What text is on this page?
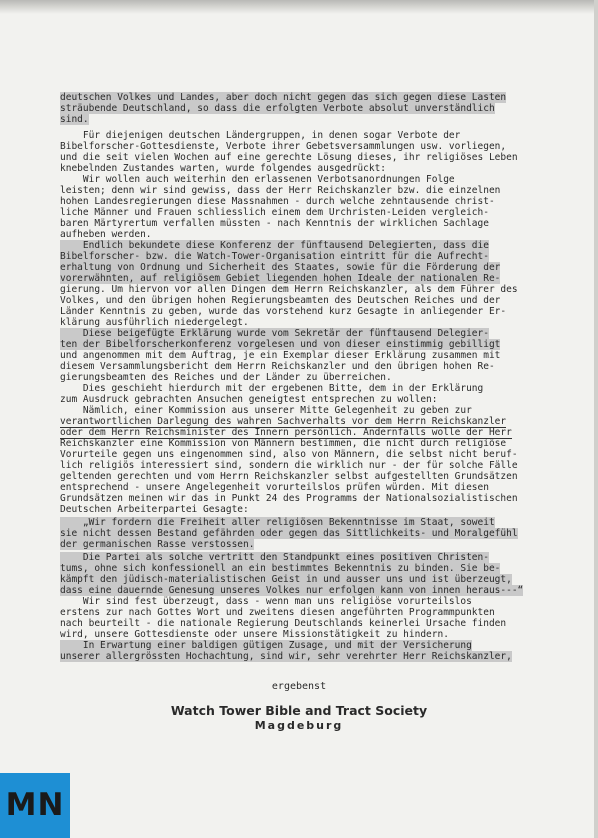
deutschen Volkes und Landes, aber doch nicht gegen das sich gegen diese Lasten
sträubende Deutschland, so dass die erfolgten Verbote absolut unverständlich
sind.
Für diejenigen deutschen Ländergruppen, in denen sogar Verbote der
Bibelforscher-Gottesdienste, Verbote ihrer Gebetsversammlungen usw. vorliegen,
und die seit vielen Wochen auf eine gerechte Lösung dieses, ihr religiöses Leben
knebelnden Zustandes warten, wurde folgendes ausgedrückt:
Wir wollen auch weiterhin den erlassenen Verbotsanordnungen Folge
leisten; denn wir sind gewiss, dass der Herr Reichskanzler bzw. die einzelnen
hohen Landesregierungen diese Massnahmen - durch welche zehntausende christ-
liche Männer und Frauen schliesslich einem dem Urchristen-Leiden vergleich-
baren Märtyrertum verfallen müssten - nach Kenntnis der wirklichen Sachlage
aufheben werden.
Endlich bekundete diese Konferenz der fünftausend Delegierten, dass die
Bibelforscher- bzw. die Watch-Tower-Organisation eintritt für die Aufrecht-
erhaltung von Ordnung und Sicherheit des Staates, sowie für die Förderung der
vorerwähnten, auf religiösem Gebiet liegenden hohen Ideale der nationalen Re-
gierung. Um hiervon vor allen Dingen dem Herrn Reichskanzler, als dem Führer des
Volkes, und den übrigen hohen Regierungsbeamten des Deutschen Reiches und der
Länder Kenntnis zu geben, wurde das vorstehend kurz Gesagte in anliegender Er-
klärung ausführlich niedergelegt.
Diese beigefügte Erklärung wurde vom Sekretär der fünftausend Delegier-
ten der Bibelforscherkonferenz vorgelesen und von dieser einstimmig gebilligt
und angenommen mit dem Auftrag, je ein Exemplar dieser Erklärung zusammen mit
diesem Versammlungsbericht dem Herrn Reichskanzler und den übrigen hohen Re-
gierungsbeamten des Reiches und der Länder zu überreichen.
Dies geschieht hierdurch mit der ergebenen Bitte, dem in der Erklärung
zum Ausdruck gebrachten Ansuchen geneigtest entsprechen zu wollen:
Nämlich, einer Kommission aus unserer Mitte Gelegenheit zu geben zur
verantwortlichen Darlegung des wahren Sachverhalts vor dem Herrn Reichskanzler
oder dem Herrn Reichsminister des Innern persönlich. Andernfalls wolle der Herr
Reichskanzler eine Kommission von Männern bestimmen, die nicht durch religiöse
Vorurteile gegen uns eingenommen sind, also von Männern, die selbst nicht beruf-
lich religiös interessiert sind, sondern die wirklich nur - der für solche Fälle
geltenden gerechten und vom Herrn Reichskanzler selbst aufgestellten Grundsätzen
entsprechend - unsere Angelegenheit vorurteilslos prüfen würden. Mit diesen
Grundsätzen meinen wir das in Punkt 24 des Programms der Nationalsozialistischen
Deutschen Arbeiterpartei Gesagte:
„Wir fordern die Freiheit aller religiösen Bekenntnisse im Staat, soweit
sie nicht dessen Bestand gefährden oder gegen das Sittlichkeits- und Moralgefühl
der germanischen Rasse verstossen.
Die Partei als solche vertritt den Standpunkt eines positiven Christen-
tums, ohne sich konfessionell an ein bestimmtes Bekenntnis zu binden. Sie be-
kämpft den jüdisch-materialistischen Geist in und ausser uns und ist überzeugt,
dass eine dauernde Genesung unseres Volkes nur erfolgen kann von innen heraus---“
Wir sind fest überzeugt, dass - wenn man uns religiöse vorurteilslos
erstens zur nach Gottes Wort und zweitens diesen angeführten Programmpunkten
nach beurteilt - die nationale Regierung Deutschlands keinerlei Ursache finden
wird, unsere Gottesdienste oder unsere Missionstätigkeit zu hindern.
In Erwartung einer baldigen gütigen Zusage, und mit der Versicherung
unserer allergrössten Hochachtung, sind wir, sehr verehrter Herr Reichskanzler,
ergebenst
Watch Tower Bible and Tract Society
Magdeburg
MN
